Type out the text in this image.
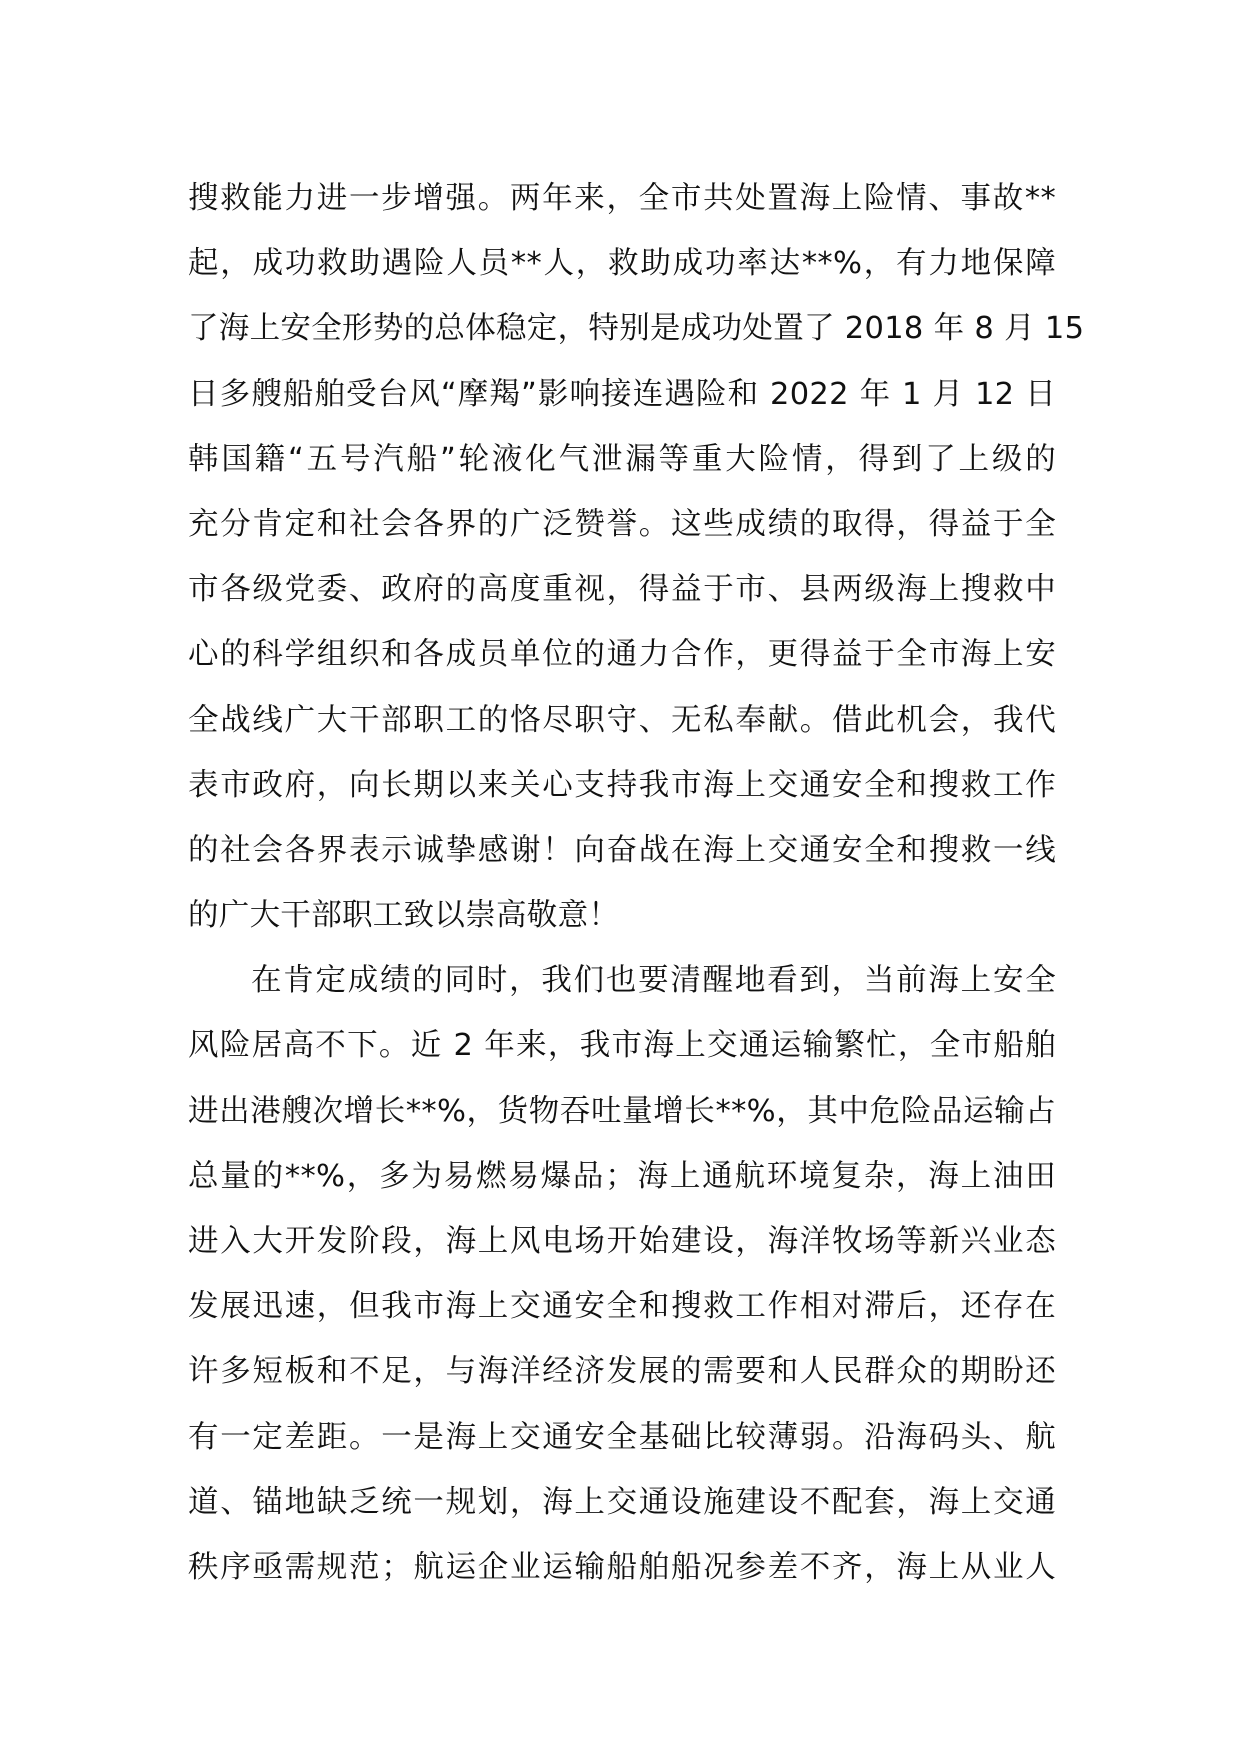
搜救能力进一步增强。两年来，全市共处置海上险情、事故**
起，成功救助遇险人员**人，救助成功率达**%，有力地保障
了海上安全形势的总体稳定，特别是成功处置了 2018 年 8 月 15
日多艘船舶受台风“摩羯”影响接连遇险和 2022 年 1 月 12 日
韩国籍“五号汽船”轮液化气泄漏等重大险情，得到了上级的
充分肯定和社会各界的广泛赞誉。这些成绩的取得，得益于全
市各级党委、政府的高度重视，得益于市、县两级海上搜救中
心的科学组织和各成员单位的通力合作，更得益于全市海上安
全战线广大干部职工的恪尽职守、无私奉献。借此机会，我代
表市政府，向长期以来关心支持我市海上交通安全和搜救工作
的社会各界表示诚挚感谢！向奋战在海上交通安全和搜救一线
的广大干部职工致以崇高敬意！
在肯定成绩的同时，我们也要清醒地看到，当前海上安全
风险居高不下。近 2 年来，我市海上交通运输繁忙，全市船舶
进出港艘次增长**%，货物吞吐量增长**%，其中危险品运输占
总量的**%，多为易燃易爆品；海上通航环境复杂，海上油田
进入大开发阶段，海上风电场开始建设，海洋牧场等新兴业态
发展迅速，但我市海上交通安全和搜救工作相对滞后，还存在
许多短板和不足，与海洋经济发展的需要和人民群众的期盼还
有一定差距。一是海上交通安全基础比较薄弱。沿海码头、航
道、锚地缺乏统一规划，海上交通设施建设不配套，海上交通
秩序亟需规范；航运企业运输船舶船况参差不齐，海上从业人
